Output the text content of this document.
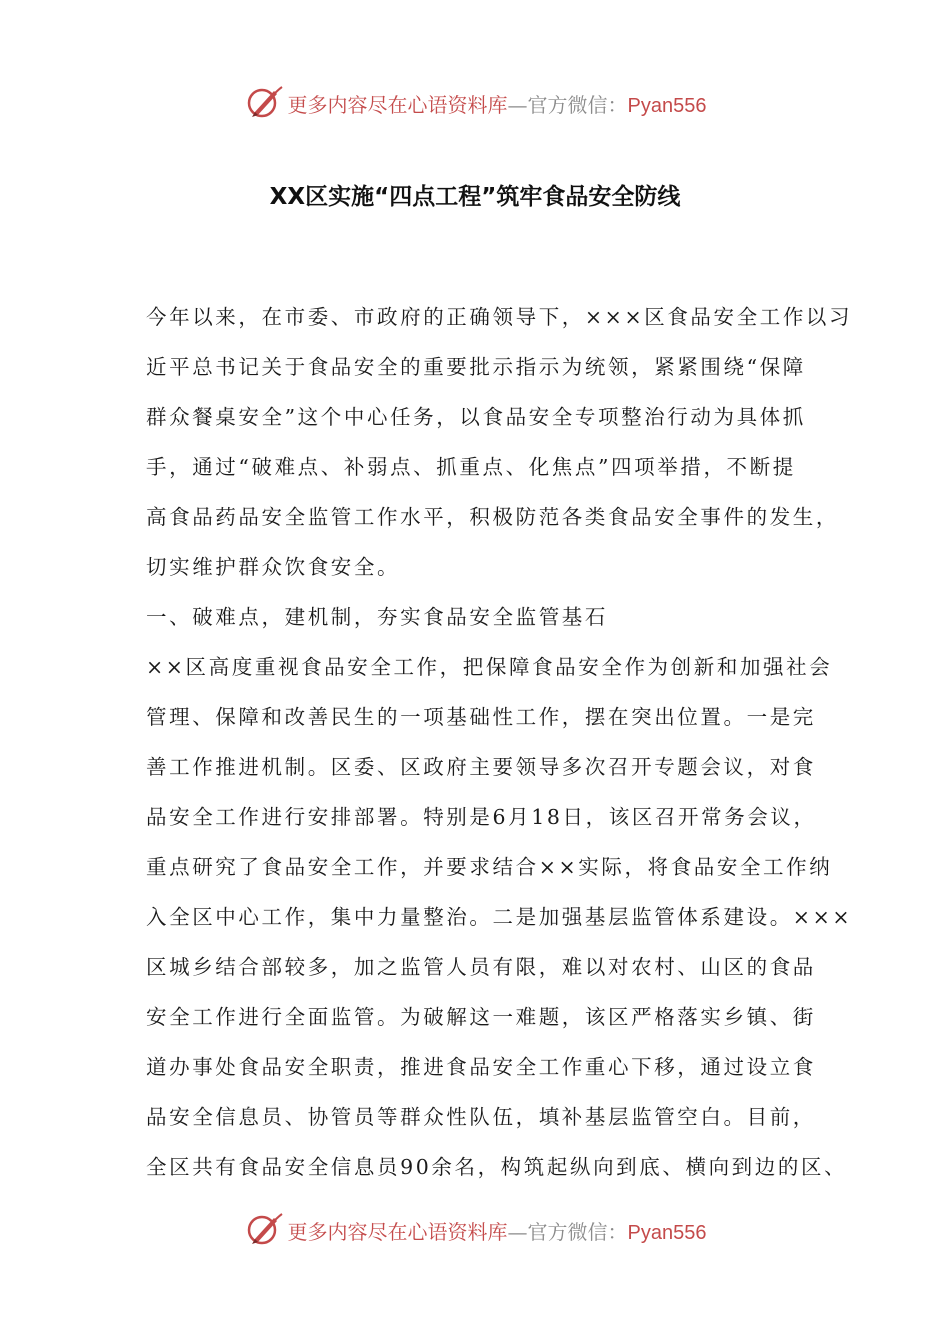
更多内容尽在心语资料库—官方微信：Pyan556
XX区实施“四点工程”筑牢食品安全防线
今年以来，在市委、市政府的正确领导下，×××区食品安全工作以习
近平总书记关于食品安全的重要批示指示为统领，紧紧围绕“保障
群众餐桌安全”这个中心任务，以食品安全专项整治行动为具体抓
手，通过“破难点、补弱点、抓重点、化焦点”四项举措，不断提
高食品药品安全监管工作水平，积极防范各类食品安全事件的发生，
切实维护群众饮食安全。
一、破难点，建机制，夯实食品安全监管基石
××区高度重视食品安全工作，把保障食品安全作为创新和加强社会
管理、保障和改善民生的一项基础性工作，摆在突出位置。一是完
善工作推进机制。区委、区政府主要领导多次召开专题会议，对食
品安全工作进行安排部署。特别是6月18日，该区召开常务会议，
重点研究了食品安全工作，并要求结合××实际，将食品安全工作纳
入全区中心工作，集中力量整治。二是加强基层监管体系建设。×××
区城乡结合部较多，加之监管人员有限，难以对农村、山区的食品
安全工作进行全面监管。为破解这一难题，该区严格落实乡镇、街
道办事处食品安全职责，推进食品安全工作重心下移，通过设立食
品安全信息员、协管员等群众性队伍，填补基层监管空白。目前，
全区共有食品安全信息员90余名，构筑起纵向到底、横向到边的区、
更多内容尽在心语资料库—官方微信：Pyan556
